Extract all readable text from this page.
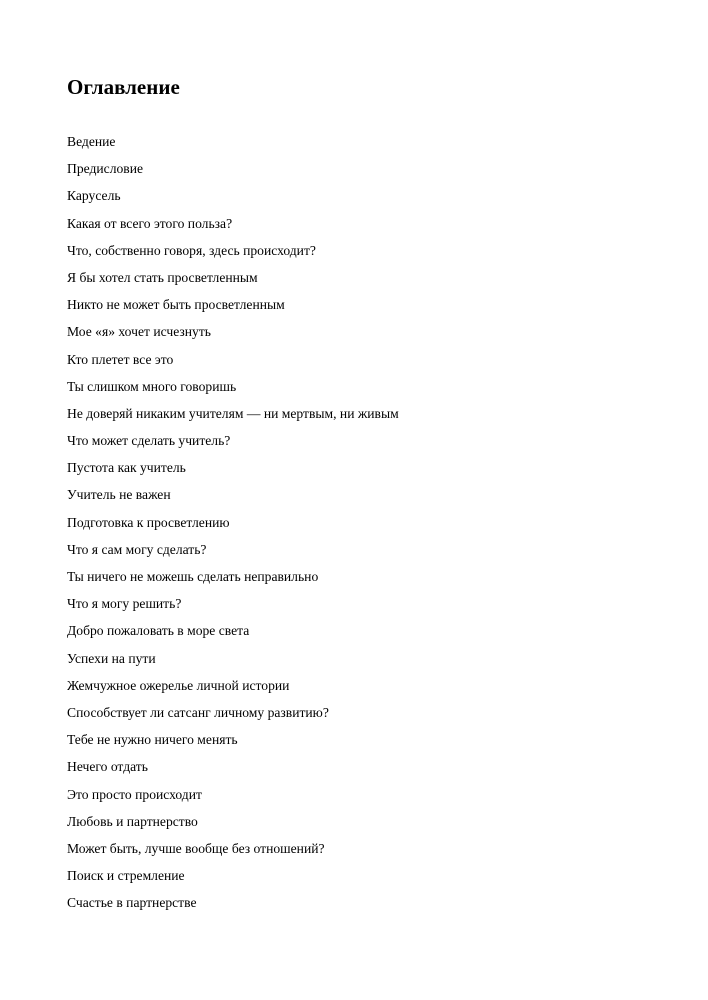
Оглавление
Ведение
Предисловие
Карусель
Какая от всего этого польза?
Что, собственно говоря, здесь происходит?
Я бы хотел стать просветленным
Никто не может быть просветленным
Мое «я» хочет исчезнуть
Кто плетет все это
Ты слишком много говоришь
Не доверяй никаким учителям — ни мертвым, ни живым
Что может сделать учитель?
Пустота как учитель
Учитель не важен
Подготовка к просветлению
Что я сам могу сделать?
Ты ничего не можешь сделать неправильно
Что я могу решить?
Добро пожаловать в море света
Успехи на пути
Жемчужное ожерелье личной истории
Способствует ли сатсанг личному развитию?
Тебе не нужно ничего менять
Нечего отдать
Это просто происходит
Любовь и партнерство
Может быть, лучше вообще без отношений?
Поиск и стремление
Счастье в партнерстве
